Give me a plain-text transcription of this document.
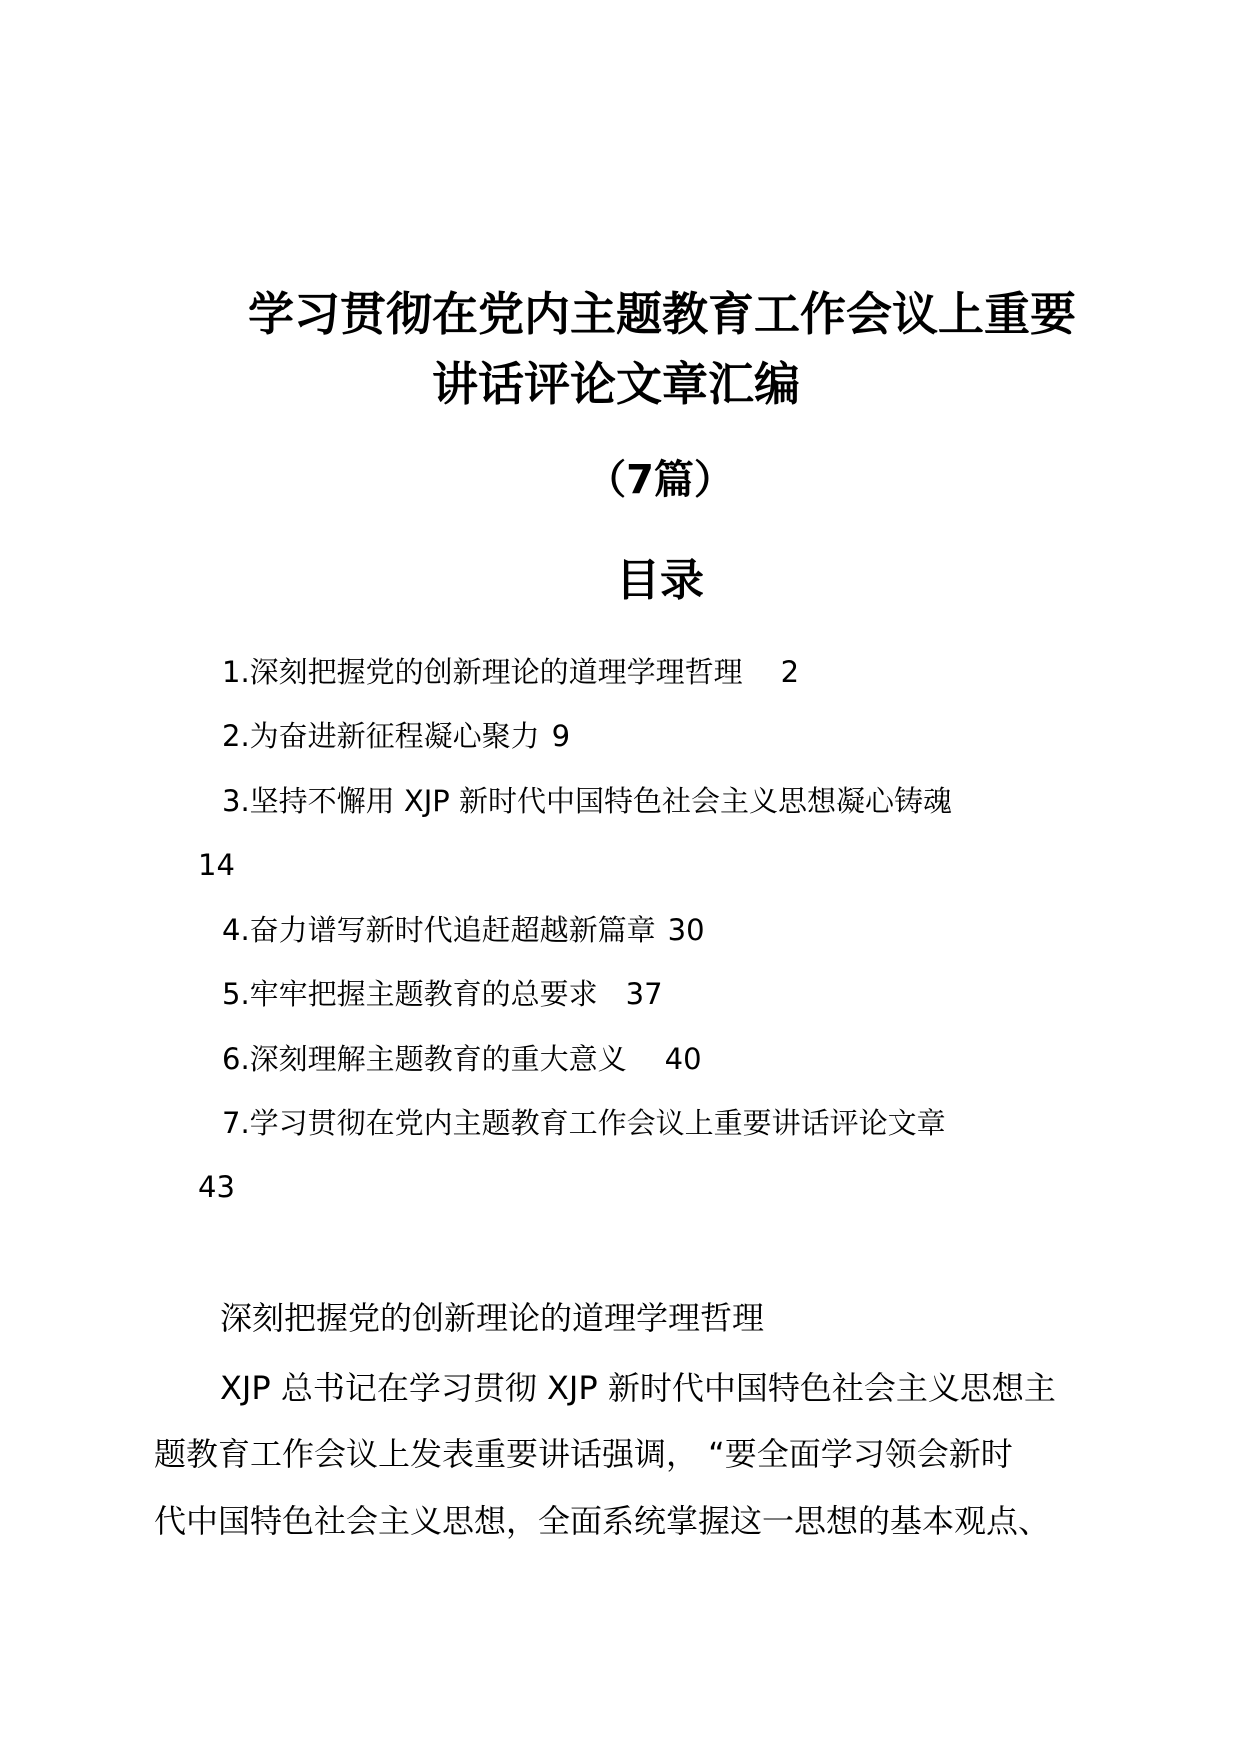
学习贯彻在党内主题教育工作会议上重要
讲话评论文章汇编
（7篇）
目录
1.深刻把握党的创新理论的道理学理哲理 2
2.为奋进新征程凝心聚力 9
3.坚持不懈用 XJP 新时代中国特色社会主义思想凝心铸魂
14
4.奋力谱写新时代追赶超越新篇章 30
5.牢牢把握主题教育的总要求 37
6.深刻理解主题教育的重大意义 40
7.学习贯彻在党内主题教育工作会议上重要讲话评论文章
43
深刻把握党的创新理论的道理学理哲理
XJP 总书记在学习贯彻 XJP 新时代中国特色社会主义思想主
题教育工作会议上发表重要讲话强调， “要全面学习领会新时
代中国特色社会主义思想，全面系统掌握这一思想的基本观点、
